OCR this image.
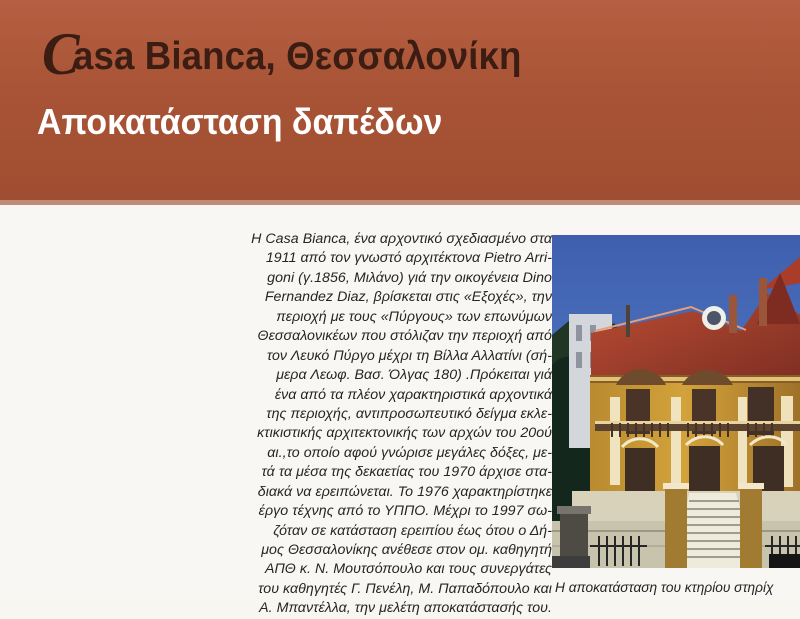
Casa Bianca, Θεσσαλονίκη
Αποκατάσταση δαπέδων
Η Casa Bianca, ένα αρχοντικό σχεδιασμένο στα
1911 από τον γνωστό αρχιτέκτονα Pietro Arri-
goni (γ.1856, Μιλάνο) γιά την οικογένεια Dino
Fernandez Diaz, βρίσκεται στις «Εξοχές», την
περιοχή με τους «Πύργους» των επωνύμων
Θεσσαλονικέων που στόλιζαν την περιοχή από
τον Λευκό Πύργο μέχρι τη Βίλλα Αλλατίνι (σή-
μερα Λεωφ. Βασ. Όλγας 180) .Πρόκειται γιά
ένα από τα πλέον χαρακτηριστικά αρχοντικά
της περιοχής, αντιπροσωπευτικό δείγμα εκλε-
κτικιστικής αρχιτεκτονικής των αρχών του 20ού
αι.,το οποίο αφού γνώρισε μεγάλες δόξες, με-
τά τα μέσα της δεκαετίας του 1970 άρχισε στα-
διακά να ερειπώνεται. Το 1976 χαρακτηρίστηκε
έργο τέχνης από το ΥΠΠΟ. Μέχρι το 1997 σω-
ζόταν σε κατάσταση ερειπίου έως ότου ο Δή-
μος Θεσσαλονίκης ανέθεσε στον ομ. καθηγητή
ΑΠΘ κ. Ν. Μουτσόπουλο και τους συνεργάτες
του καθηγητές Γ. Πενέλη, Μ. Παπαδόπουλο και
Α. Μπαντέλλα, την μελέτη αποκατάστασής του.
Η αποκατάσταση του κτηρίου στηρίχ
